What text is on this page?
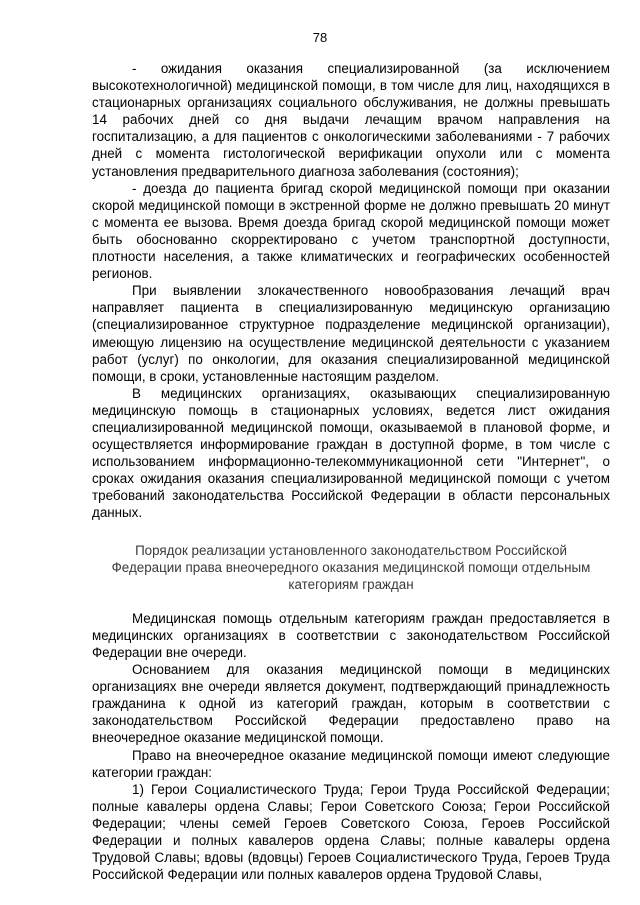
78

- ожидания оказания специализированной (за исключением высокотехнологичной) медицинской помощи, в том числе для лиц, находящихся в стационарных организациях социального обслуживания, не должны превышать 14 рабочих дней со дня выдачи лечащим врачом направления на госпитализацию, а для пациентов с онкологическими заболеваниями - 7 рабочих дней с момента гистологической верификации опухоли или с момента установления предварительного диагноза заболевания (состояния);

- доезда до пациента бригад скорой медицинской помощи при оказании скорой медицинской помощи в экстренной форме не должно превышать 20 минут с момента ее вызова. Время доезда бригад скорой медицинской помощи может быть обоснованно скорректировано с учетом транспортной доступности, плотности населения, а также климатических и географических особенностей регионов.

При выявлении злокачественного новообразования лечащий врач направляет пациента в специализированную медицинскую организацию (специализированное структурное подразделение медицинской организации), имеющую лицензию на осуществление медицинской деятельности с указанием работ (услуг) по онкологии, для оказания специализированной медицинской помощи, в сроки, установленные настоящим разделом.

В медицинских организациях, оказывающих специализированную медицинскую помощь в стационарных условиях, ведется лист ожидания специализированной медицинской помощи, оказываемой в плановой форме, и осуществляется информирование граждан в доступной форме, в том числе с использованием информационно-телекоммуникационной сети "Интернет", о сроках ожидания оказания специализированной медицинской помощи с учетом требований законодательства Российской Федерации в области персональных данных.

Порядок реализации установленного законодательством Российской Федерации права внеочередного оказания медицинской помощи отдельным категориям граждан

Медицинская помощь отдельным категориям граждан предоставляется в медицинских организациях в соответствии с законодательством Российской Федерации вне очереди.

Основанием для оказания медицинской помощи в медицинских организациях вне очереди является документ, подтверждающий принадлежность гражданина к одной из категорий граждан, которым в соответствии с законодательством Российской Федерации предоставлено право на внеочередное оказание медицинской помощи.

Право на внеочередное оказание медицинской помощи имеют следующие категории граждан:

1) Герои Социалистического Труда; Герои Труда Российской Федерации; полные кавалеры ордена Славы; Герои Советского Союза; Герои Российской Федерации; члены семей Героев Советского Союза, Героев Российской Федерации и полных кавалеров ордена Славы; полные кавалеры ордена Трудовой Славы; вдовы (вдовцы) Героев Социалистического Труда, Героев Труда Российской Федерации или полных кавалеров ордена Трудовой Славы,
